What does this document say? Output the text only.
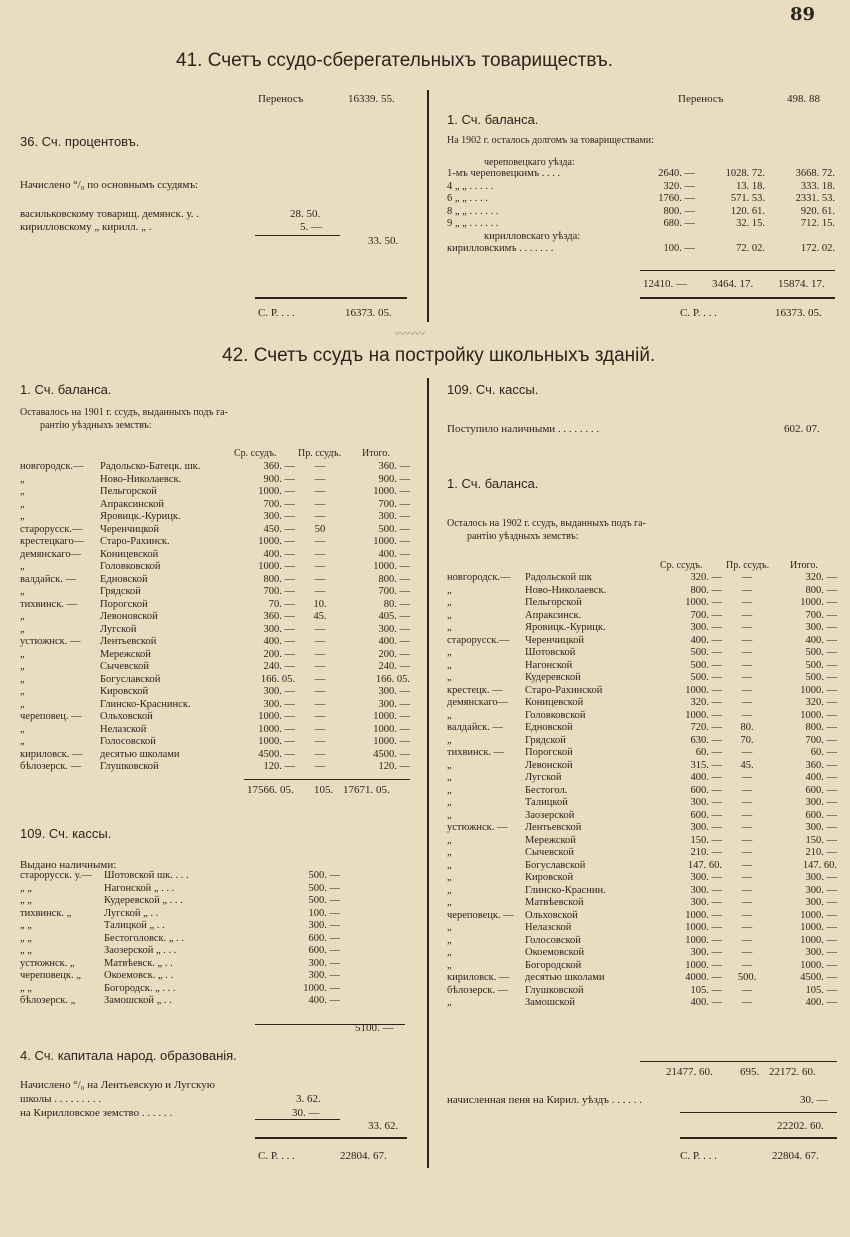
89
41. Счетъ ссудо-сберегательныхъ товариществъ.
Переносъ	16339. 55.
36. Сч. процентовъ.
Начислено °/₀ по основнымъ ссудямъ:
васильковскому товарищ. демянск. у. .	28. 50.
кирилловскому „ кирилл. „ .	5. —
33. 50.
С. Р. . . .	16373. 05.
Переносъ	498. 88
1. Сч. баланса.
На 1902 г. осталось долгомъ за товариществами:
череповецкаго уѣзда:
1-мъ череповецкимъ . . . .	2640. —	1028. 72.	3668. 72.
4 „ „ . . . . .	320. —	13. 18.	333. 18.
6 „ „ . . . .	1760. —	571. 53.	2331. 53.
8 „ „ . . . . . .	800. —	120. 61.	920. 61.
9 „ „ . . . . . .	680. —	32. 15.	712. 15.
кирилловскаго уѣзда:			
кирилловскимъ . . . . . . .	100. —	72. 02.	172. 02.
12410. — 3464. 17. 15874. 17.
С. Р. . . .	16373. 05.
〰〰〰
42. Счетъ ссудъ на постройку школьныхъ зданій.
1. Сч. баланса.
Оставалось на 1901 г. ссудъ, выданныхъ подъ га-
рантію уѣздныхъ земствъ:
Ср. ссудъ. Пр. ссудъ. Итого.
новгородск.—	Радольско-Батецк. шк.	360. —	—	360. —
„	Ново-Николаевск.	900. —	—	900. —
„	Пельгорской	1000. —	—	1000. —
„	Апраксинской	700. —	—	700. —
„	Яровицк.-Курицк.	300. —	—	300. —
старорусск.—	Черенчицкой	450. —	50	500. —
крестецкаго—	Старо-Рахинск.	1000. —	—	1000. —
демянскаго—	Коницевской	400. —	—	400. —
„	Головковской	1000. —	—	1000. —
валдайск. —	Едновской	800. —	—	800. —
„	Грядской	700. —	—	700. —
тихвинск. —	Порогской	70. —	10.	80. —
„	Левоновской	360. —	45.	405. —
„	Лугской	300. —	—	300. —
устюжнск. —	Лентьевской	400. —	—	400. —
„	Мережской	200. —	—	200. —
„	Сычевской	240. —	—	240. —
„	Богуславской	166. 05.	—	166. 05.
„	Кировской	300. —	—	300. —
„	Глинско-Краснинск.	300. —	—	300. —
череповец. —	Ольховской	1000. —	—	1000. —
„	Нелазской	1000. —	—	1000. —
„	Голосовской	1000. —	—	1000. —
кириловск. —	десятью школами	4500. —	—	4500. —
бѣлозерск. —	Глушковской	120. —	—	120. —
17566. 05. 105. 17671. 05.
109. Сч. кассы.
Выдано наличными:
старорусск. у.—	Шотовской шк. . . .	500. —
„ „	Нагонской „ . . .	500. —
„ „	Кудеревской „ . . .	500. —
тихвинск. „	Лугской „ . .	100. —
„ „	Талицкой „ . .	300. —
„ „	Бестоголовск. „ . .	600. —
„ „	Заозерской „ . . .	600. —
устюжнск. „	Матвѣевск. „ . .	300. —
череповецк. „	Окоемовск. „ . .	300. —
„ „	Богородск. „ . . .	1000. —
бѣлозерск. „	Замошской „ . .	400. —
5100. —
4. Сч. капитала народ. образованія.
Начислено °/₀ на Лентьевскую и Лугскую
школы . . . . . . . . .	3. 62.
на Кирилловское земство . . . . . .	30. —
33. 62.
С. Р. . . .	22804. 67.
109. Сч. кассы.
Поступило наличными . . . . . . . .	602. 07.
1. Сч. баланса.
Осталось на 1902 г. ссудъ, выданныхъ подъ га-
рантію уѣздныхъ земствъ:
Ср. ссудъ. Пр. ссудъ. Итого.
новгородск.—	Радольской шк	320. —	—	320. —
„	Ново-Николаевск.	800. —	—	800. —
„	Пельгорской	1000. —	—	1000. —
„	Апраксинск.	700. —	—	700. —
„	Яровицк.-Курицк.	300. —	—	300. —
старорусск.—	Черенчицкой	400. —	—	400. —
„	Шотовской	500. —	—	500. —
„	Нагонской	500. —	—	500. —
„	Кудеревской	500. —	—	500. —
крестецк. —	Старо-Рахинской	1000. —	—	1000. —
демянскаго—	Коницевской	320. —	—	320. —
„	Головковской	1000. —	—	1000. —
валдайск. —	Едновской	720. —	80.	800. —
„	Грядской	630. —	70.	700. —
тихвинск. —	Порогской	60. —	—	60. —
„	Левонской	315. —	45.	360. —
„	Лугской	400. —	—	400. —
„	Бестогол.	600. —	—	600. —
„	Талицкой	300. —	—	300. —
„	Заозерской	600. —	—	600. —
устюжнск. —	Лентьевской	300. —	—	300. —
„	Мережской	150. —	—	150. —
„	Сычевской	210. —	—	210. —
„	Богуславской	147. 60.	—	147. 60.
„	Кировской	300. —	—	300. —
„	Глинско-Краснин.	300. —	—	300. —
„	Матвѣевской	300. —	—	300. —
череповецк. —	Ольховской	1000. —	—	1000. —
„	Нелазской	1000. —	—	1000. —
„	Голосовской	1000. —	—	1000. —
„	Окоемовской	300. —	—	300. —
„	Богородской	1000. —	—	1000. —
кириловск. —	десятью школами	4000. —	500.	4500. —
бѣлозерск. —	Глушковской	105. —	—	105. —
„	Замошской	400. —	—	400. —
21477. 60. 695. 22172. 60.
начисленная пеня на Кирил. уѣздъ . . . . . .	30. —
22202. 60.
С. Р. . . .	22804. 67.
